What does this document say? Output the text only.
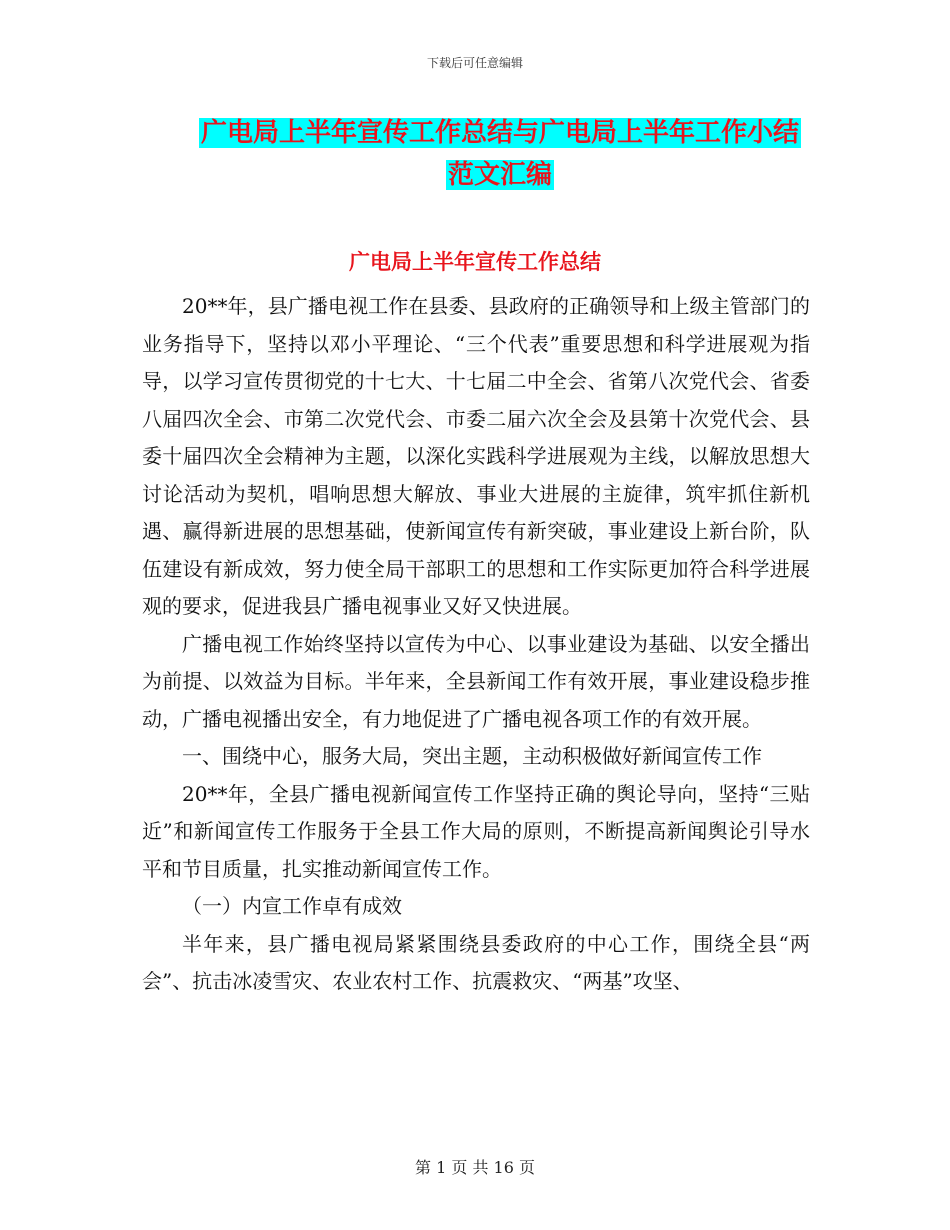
下载后可任意编辑
广电局上半年宣传工作总结与广电局上半年工作小结
范文汇编
广电局上半年宣传工作总结

20**年，县广播电视工作在县委、县政府的正确领导和上级主管部门的业务指导下，坚持以邓小平理论、“三个代表”重要思想和科学进展观为指导，以学习宣传贯彻党的十七大、十七届二中全会、省第八次党代会、省委八届四次全会、市第二次党代会、市委二届六次全会及县第十次党代会、县委十届四次全会精神为主题，以深化实践科学进展观为主线，以解放思想大讨论活动为契机，唱响思想大解放、事业大进展的主旋律，筑牢抓住新机遇、赢得新进展的思想基础，使新闻宣传有新突破，事业建设上新台阶，队伍建设有新成效，努力使全局干部职工的思想和工作实际更加符合科学进展观的要求，促进我县广播电视事业又好又快进展。

广播电视工作始终坚持以宣传为中心、以事业建设为基础、以安全播出为前提、以效益为目标。半年来，全县新闻工作有效开展，事业建设稳步推动，广播电视播出安全，有力地促进了广播电视各项工作的有效开展。

一、围绕中心，服务大局，突出主题，主动积极做好新闻宣传工作

20**年，全县广播电视新闻宣传工作坚持正确的舆论导向，坚持“三贴近”和新闻宣传工作服务于全县工作大局的原则，不断提高新闻舆论引导水平和节目质量，扎实推动新闻宣传工作。

（一）内宣工作卓有成效

半年来，县广播电视局紧紧围绕县委政府的中心工作，围绕全县“两会”、抗击冰凌雪灾、农业农村工作、抗震救灾、“两基”攻坚、

第 1 页 共 16 页
